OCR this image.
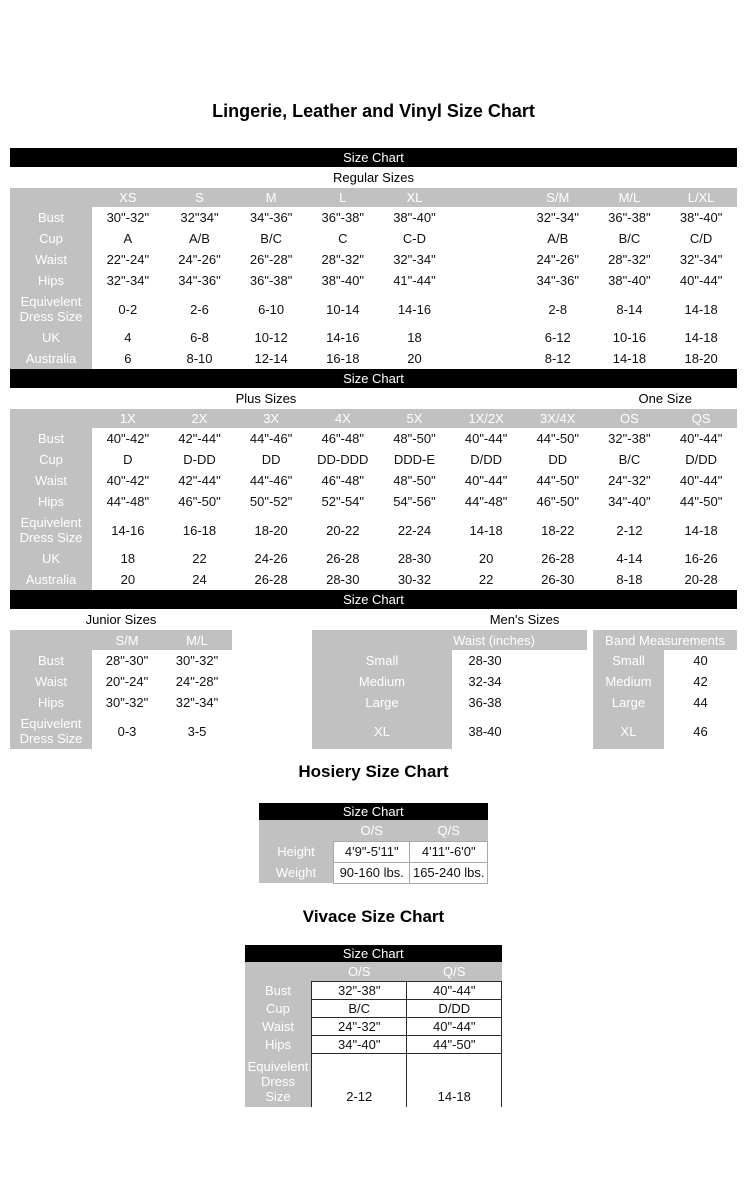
Lingerie, Leather and Vinyl Size Chart
Size Chart									
Regular Sizes									
	XS	S	M	L	XL		S/M	M/L	L/XL
Bust	30"-32"	32"34"	34"-36"	36"-38"	38"-40"		32"-34"	36"-38"	38"-40"
Cup	A	A/B	B/C	C	C-D		A/B	B/C	C/D
Waist	22"-24"	24"-26"	26"-28"	28"-32"	32"-34"		24"-26"	28"-32"	32"-34"
Hips	32"-34"	34"-36"	36"-38"	38"-40"	41"-44"		34"-36"	38"-40"	40"-44"
Equivelent Dress Size	0-2	2-6	6-10	10-14	14-16		2-8	8-14	14-18
UK	4	6-8	10-12	14-16	18		6-12	10-16	14-18
Australia	6	8-10	12-14	16-18	20		8-12	14-18	18-20
Size Chart									
Plus Sizes								One Size	
	1X	2X	3X	4X	5X	1X/2X	3X/4X	OS	QS
Bust	40"-42"	42"-44"	44"-46"	46"-48"	48"-50"	40"-44"	44"-50"	32"-38"	40"-44"
Cup	D	D-DD	DD	DD-DDD	DDD-E	D/DD	DD	B/C	D/DD
Waist	40"-42"	42"-44"	44"-46"	46"-48"	48"-50"	40"-44"	44"-50"	24"-32"	40"-44"
Hips	44"-48"	46"-50"	50"-52"	52"-54"	54"-56"	44"-48"	46"-50"	34"-40"	44"-50"
Equivelent Dress Size	14-16	16-18	18-20	20-22	22-24	14-18	18-22	2-12	14-18
UK	18	22	24-26	26-28	28-30	20	26-28	4-14	16-26
Australia	20	24	26-28	28-30	30-32	22	26-30	8-18	20-28
Size Chart
Junior Sizes		
	S/M	M/L
Bust	28"-30"	30"-32"
Waist	20"-24"	24"-28"
Hips	30"-32"	32"-34"
Equivelent Dress Size	0-3	3-5
Men's Sizes			
Waist (inches)		Band Measurements	
Small	28-30	Small	40
Medium	32-34	Medium	42
Large	36-38	Large	44
XL	38-40	XL	46
Hosiery Size Chart
Size Chart		
	O/S	Q/S
Height	4'9"-5'11"	4'11"-6'0"
Weight	90-160 lbs.	165-240 lbs.
Vivace Size Chart
Size Chart		
	O/S	Q/S
Bust	32"-38"	40"-44"
Cup	B/C	D/DD
Waist	24"-32"	40"-44"
Hips	34"-40"	44"-50"
Equivelent Dress Size	2-12	14-18
